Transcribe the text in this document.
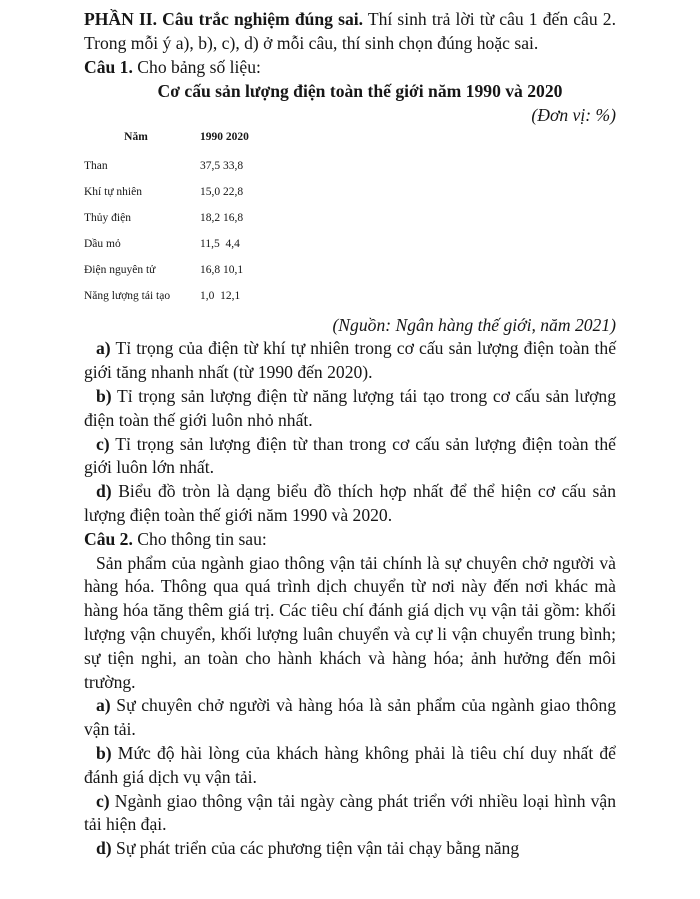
PHẦN II. Câu trắc nghiệm đúng sai. Thí sinh trả lời từ câu 1 đến câu 2. Trong mỗi ý a), b), c), d) ở mỗi câu, thí sinh chọn đúng hoặc sai.

Câu 1. Cho bảng số liệu:

Cơ cấu sản lượng điện toàn thế giới năm 1990 và 2020

(Đơn vị: %)

Năm	1990 2020
Than	37,5 33,8
Khí tự nhiên	15,0 22,8
Thủy điện	18,2 16,8
Dầu mỏ	11,5  4,4
Điện nguyên tử	16,8 10,1
Năng lượng tái tạo	1,0  12,1

(Nguồn: Ngân hàng thế giới, năm 2021)

a) Tỉ trọng của điện từ khí tự nhiên trong cơ cấu sản lượng điện toàn thế giới tăng nhanh nhất (từ 1990 đến 2020).

b) Tỉ trọng sản lượng điện từ năng lượng tái tạo trong cơ cấu sản lượng điện toàn thế giới luôn nhỏ nhất.

c) Tỉ trọng sản lượng điện từ than trong cơ cấu sản lượng điện toàn thế giới luôn lớn nhất.

d) Biểu đồ tròn là dạng biểu đồ thích hợp nhất để thể hiện cơ cấu sản lượng điện toàn thế giới năm 1990 và 2020.

Câu 2. Cho thông tin sau:

Sản phẩm của ngành giao thông vận tải chính là sự chuyên chở người và hàng hóa. Thông qua quá trình dịch chuyển từ nơi này đến nơi khác mà hàng hóa tăng thêm giá trị. Các tiêu chí đánh giá dịch vụ vận tải gồm: khối lượng vận chuyển, khối lượng luân chuyển và cự li vận chuyển trung bình; sự tiện nghi, an toàn cho hành khách và hàng hóa; ảnh hưởng đến môi trường.

a) Sự chuyên chở người và hàng hóa là sản phẩm của ngành giao thông vận tải.

b) Mức độ hài lòng của khách hàng không phải là tiêu chí duy nhất để đánh giá dịch vụ vận tải.

c) Ngành giao thông vận tải ngày càng phát triển với nhiều loại hình vận tải hiện đại.

d) Sự phát triển của các phương tiện vận tải chạy bằng năng
